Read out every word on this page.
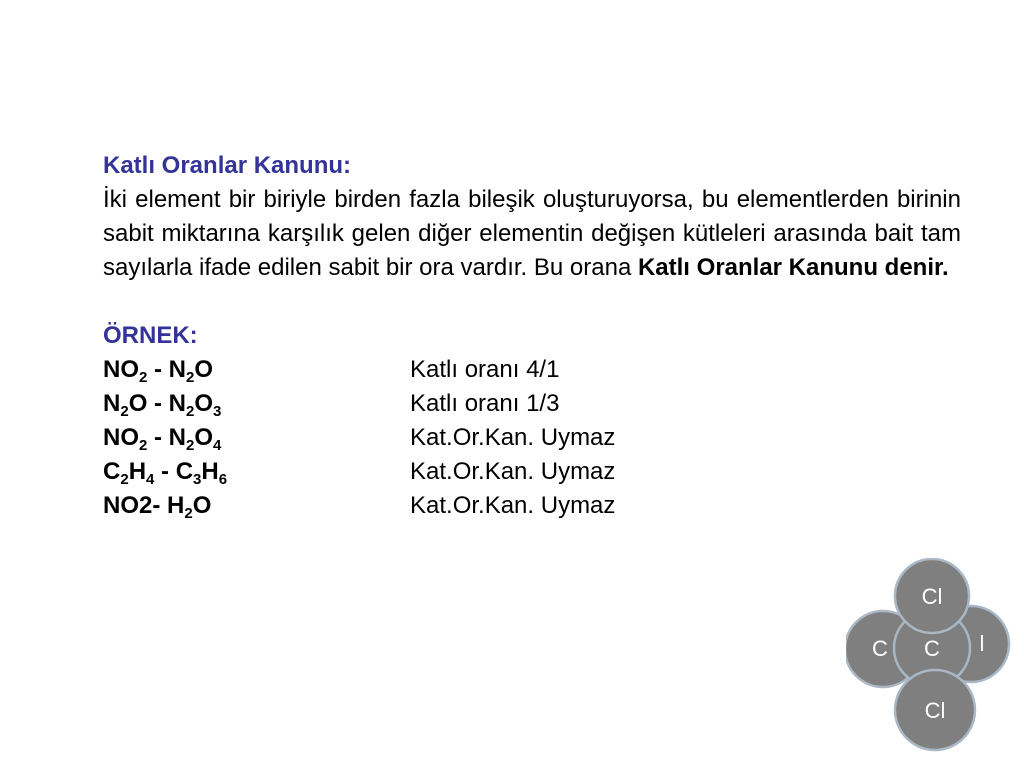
Katlı Oranlar Kanunu:
İki element bir biriyle birden fazla bileşik oluşturuyorsa, bu elementlerden birinin sabit miktarına karşılık gelen diğer elementin değişen kütleleri arasında bait tam sayılarla ifade edilen sabit bir ora vardır. Bu orana Katlı Oranlar Kanunu denir.
ÖRNEK:
$NO_2 - N_2O$	Katlı oranı 4/1
$N_2O - N_2O_3$	Katlı oranı 1/3
$NO_2 - N_2O_4$	Kat.Or.Kan. Uymaz
$C_2H_4 - C_3H_6$	Kat.Or.Kan. Uymaz
NO2- $H_2O$	Kat.Or.Kan. Uymaz
Cl
C C l
Cl
